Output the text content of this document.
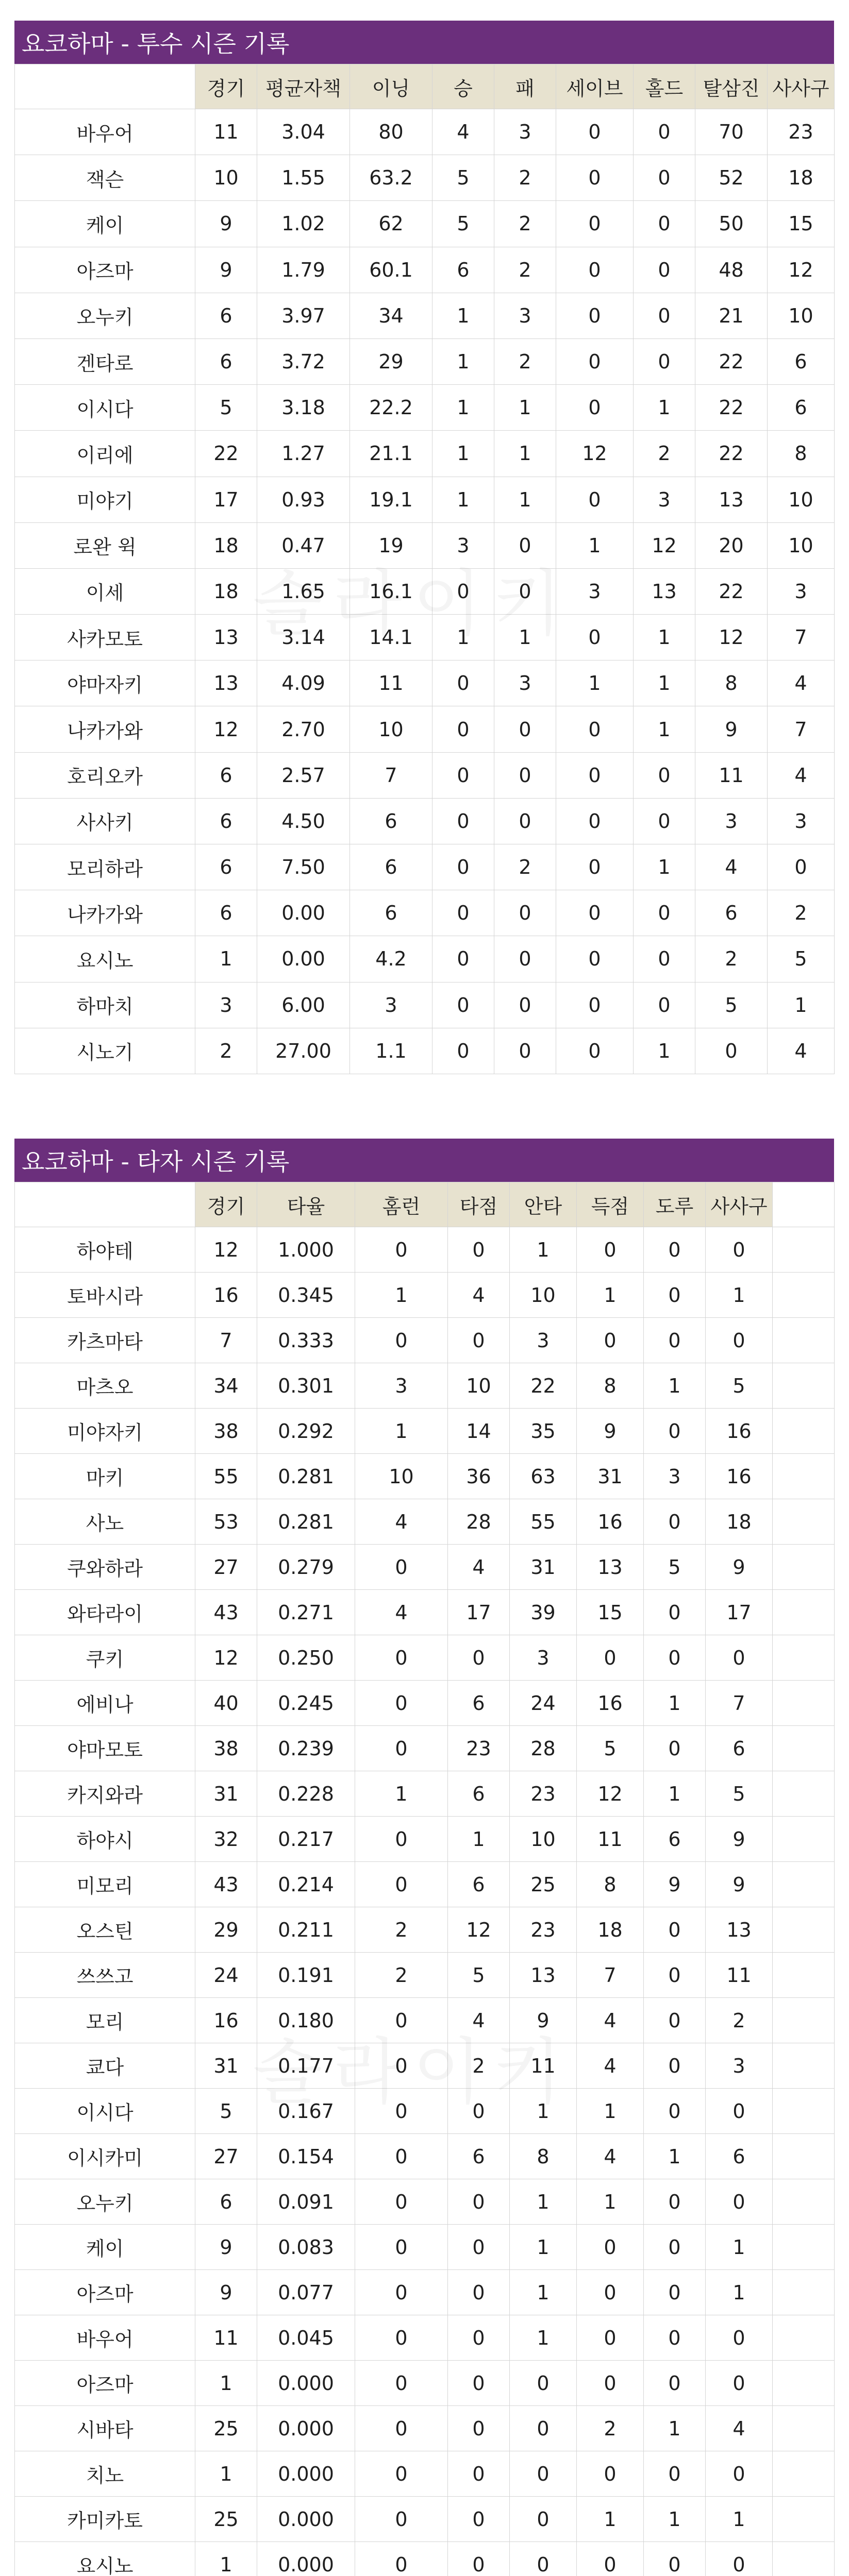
요코하마 - 투수 시즌 기록
	경기	평균자책	이닝	승	패	세이브	홀드	탈삼진	사사구
바우어	11	3.04	80	4	3	0	0	70	23
잭슨	10	1.55	63.2	5	2	0	0	52	18
케이	9	1.02	62	5	2	0	0	50	15
아즈마	9	1.79	60.1	6	2	0	0	48	12
오누키	6	3.97	34	1	3	0	0	21	10
겐타로	6	3.72	29	1	2	0	0	22	6
이시다	5	3.18	22.2	1	1	0	1	22	6
이리에	22	1.27	21.1	1	1	12	2	22	8
미야기	17	0.93	19.1	1	1	0	3	13	10
로완 윅	18	0.47	19	3	0	1	12	20	10
이세	18	1.65	16.1	0	0	3	13	22	3
사카모토	13	3.14	14.1	1	1	0	1	12	7
야마자키	13	4.09	11	0	3	1	1	8	4
나카가와	12	2.70	10	0	0	0	1	9	7
호리오카	6	2.57	7	0	0	0	0	11	4
사사키	6	4.50	6	0	0	0	0	3	3
모리하라	6	7.50	6	0	2	0	1	4	0
나카가와	6	0.00	6	0	0	0	0	6	2
요시노	1	0.00	4.2	0	0	0	0	2	5
하마치	3	6.00	3	0	0	0	0	5	1
시노기	2	27.00	1.1	0	0	0	1	0	4
요코하마 - 타자 시즌 기록
	경기	타율	홈런	타점	안타	득점	도루	사사구	
하야테	12	1.000	0	0	1	0	0	0	
토바시라	16	0.345	1	4	10	1	0	1	
카츠마타	7	0.333	0	0	3	0	0	0	
마츠오	34	0.301	3	10	22	8	1	5	
미야자키	38	0.292	1	14	35	9	0	16	
마키	55	0.281	10	36	63	31	3	16	
사노	53	0.281	4	28	55	16	0	18	
쿠와하라	27	0.279	0	4	31	13	5	9	
와타라이	43	0.271	4	17	39	15	0	17	
쿠키	12	0.250	0	0	3	0	0	0	
에비나	40	0.245	0	6	24	16	1	7	
야마모토	38	0.239	0	23	28	5	0	6	
카지와라	31	0.228	1	6	23	12	1	5	
하야시	32	0.217	0	1	10	11	6	9	
미모리	43	0.214	0	6	25	8	9	9	
오스틴	29	0.211	2	12	23	18	0	13	
쓰쓰고	24	0.191	2	5	13	7	0	11	
모리	16	0.180	0	4	9	4	0	2	
쿄다	31	0.177	0	2	11	4	0	3	
이시다	5	0.167	0	0	1	1	0	0	
이시카미	27	0.154	0	6	8	4	1	6	
오누키	6	0.091	0	0	1	1	0	0	
케이	9	0.083	0	0	1	0	0	1	
아즈마	9	0.077	0	0	1	0	0	1	
바우어	11	0.045	0	0	1	0	0	0	
아즈마	1	0.000	0	0	0	0	0	0	
시바타	25	0.000	0	0	0	2	1	4	
치노	1	0.000	0	0	0	0	0	0	
카미카토	25	0.000	0	0	0	1	1	1	
요시노	1	0.000	0	0	0	0	0	0	
